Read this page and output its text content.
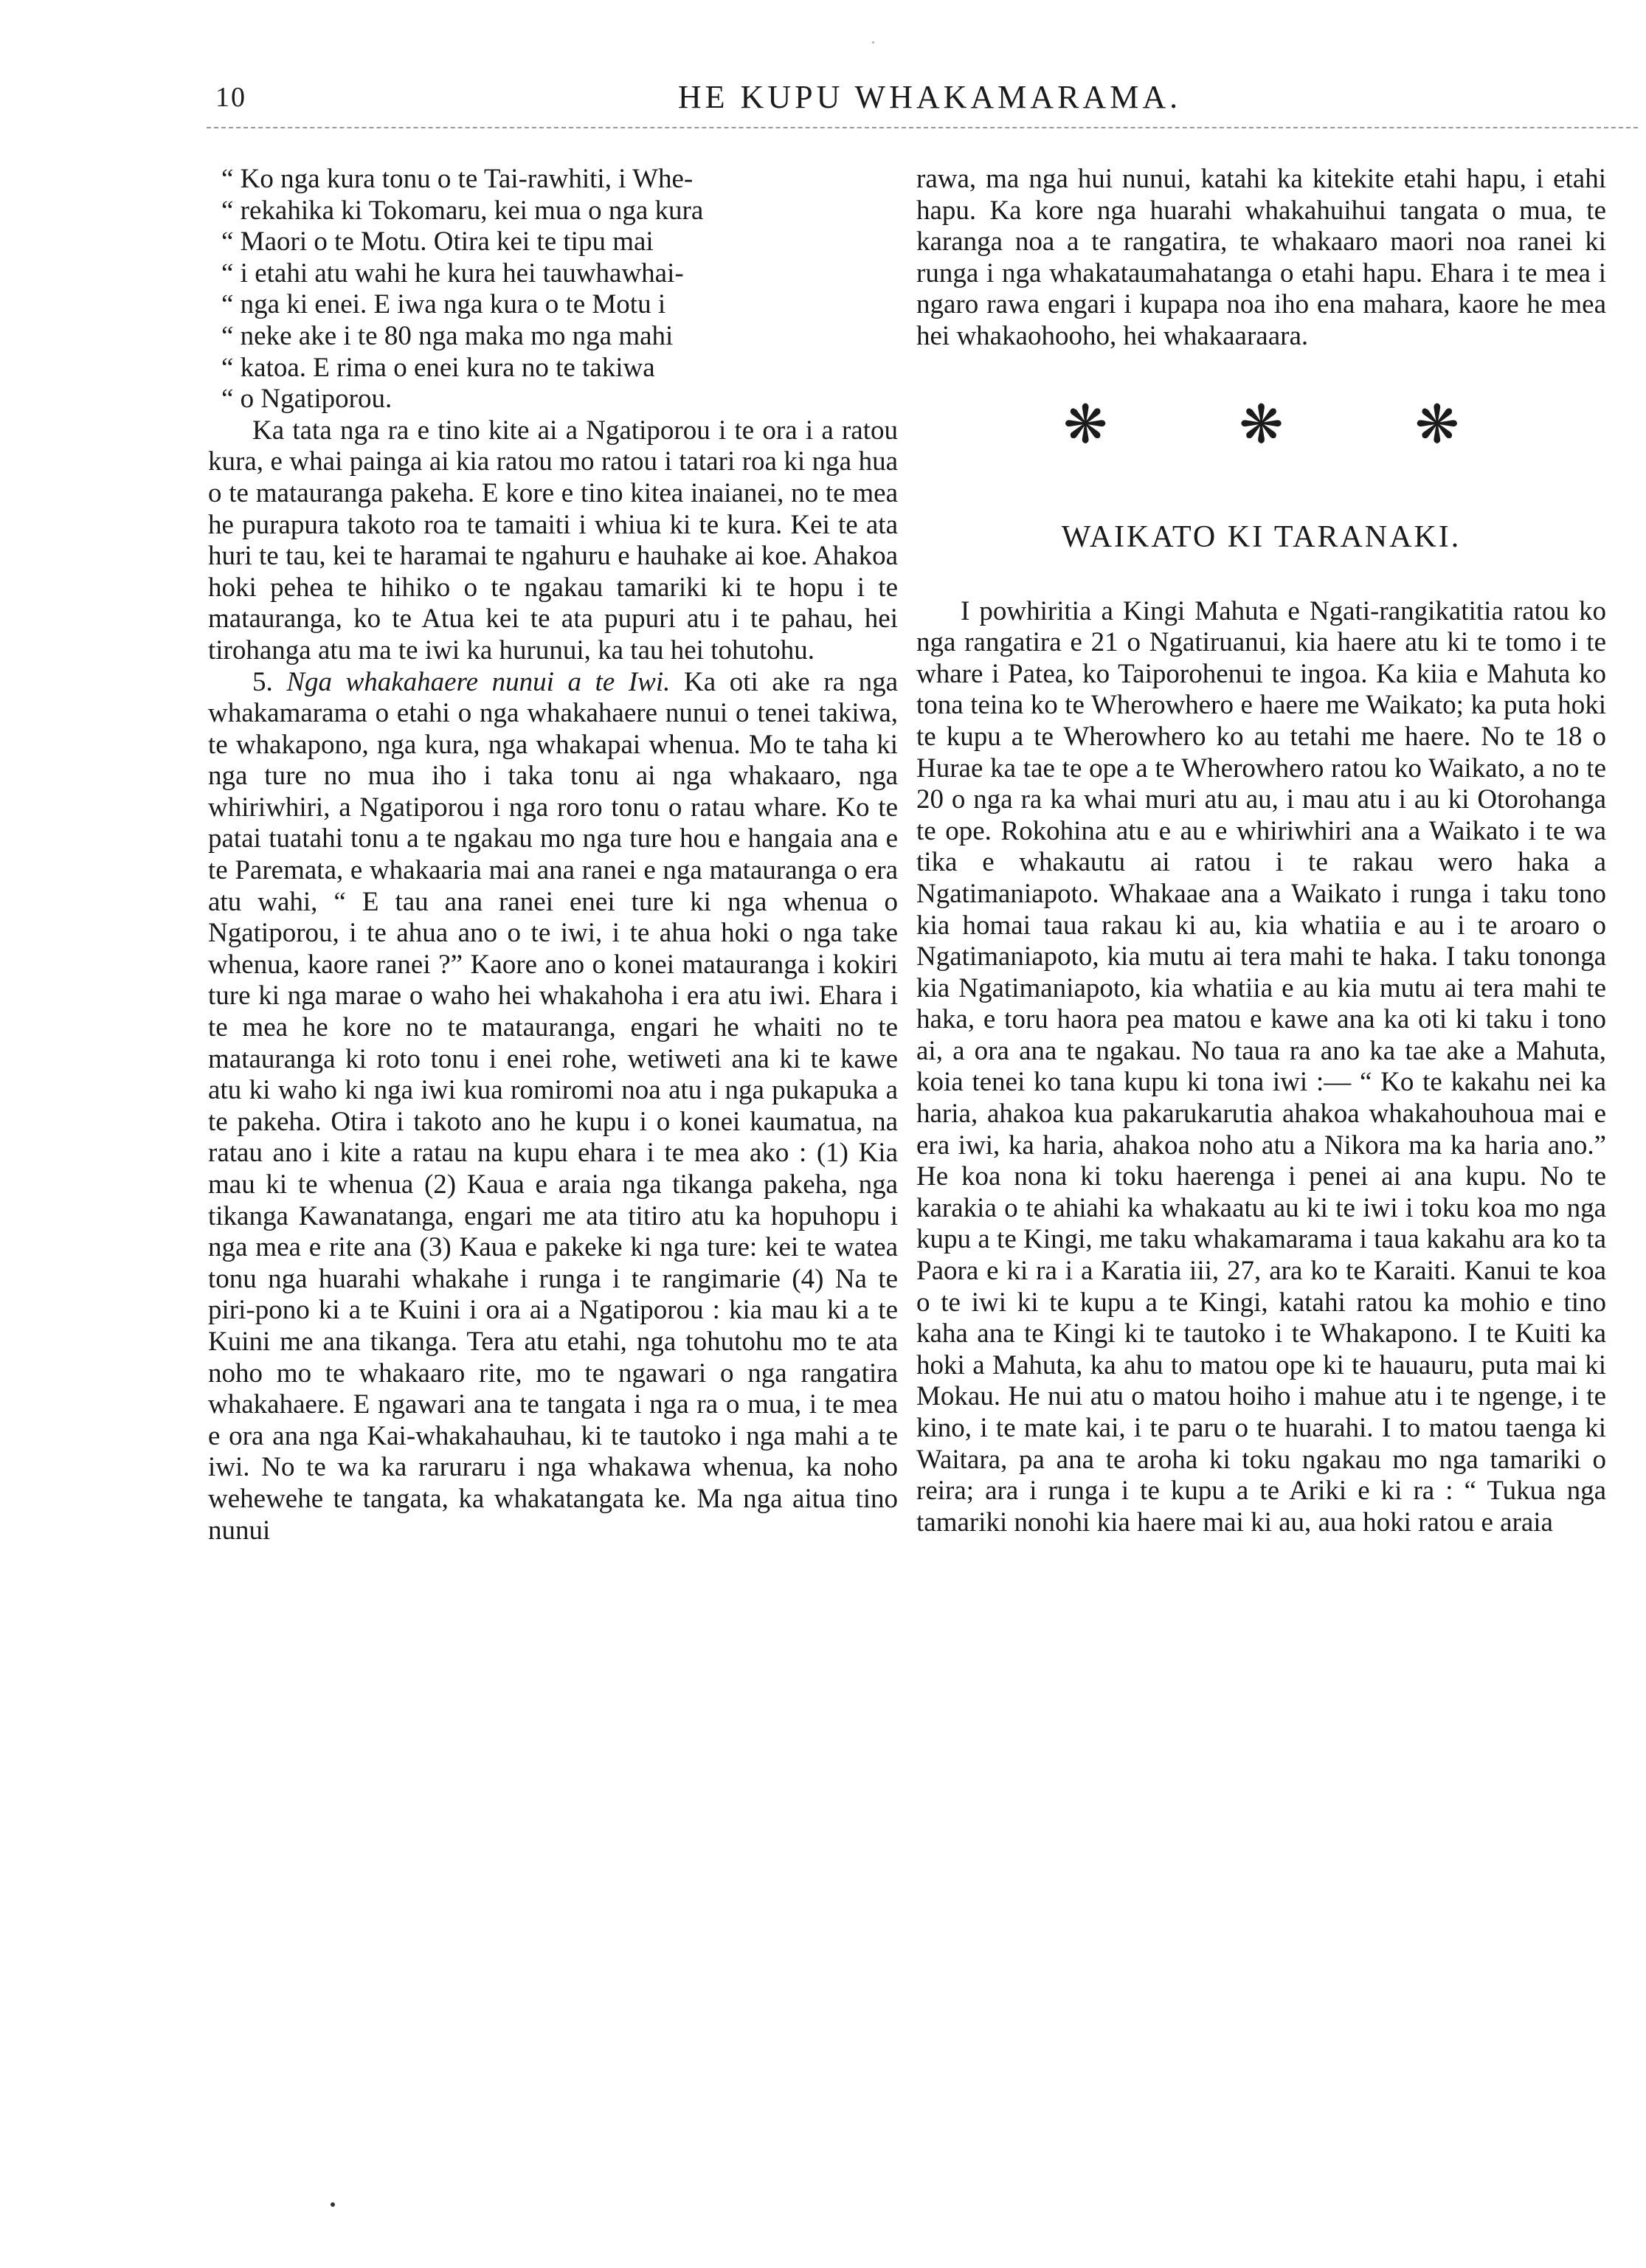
10	HE KUPU WHAKAMARAMA.

“ Ko nga kura tonu o te Tai-rawhiti, i Whe-

“ rekahika ki Tokomaru, kei mua o nga kura

“ Maori o te Motu. Otira kei te tipu mai

“ i etahi atu wahi he kura hei tauwhawhai-

“ nga ki enei. E iwa nga kura o te Motu i

“ neke ake i te 80 nga maka mo nga mahi

“ katoa. E rima o enei kura no te takiwa

“ o Ngatiporou.

Ka tata nga ra e tino kite ai a Ngatiporou i te ora i a ratou kura, e whai painga ai kia ratou mo ratou i tatari roa ki nga hua o te matauranga pakeha. E kore e tino kitea inaianei, no te mea he purapura takoto roa te tamaiti i whiua ki te kura. Kei te ata huri te tau, kei te haramai te ngahuru e hauhake ai koe. Ahakoa hoki pehea te hihiko o te ngakau tamariki ki te hopu i te matauranga, ko te Atua kei te ata pupuri atu i te pahau, hei tirohanga atu ma te iwi ka hurunui, ka tau hei tohutohu.

5. Nga whakahaere nunui a te Iwi. Ka oti ake ra nga whakamarama o etahi o nga whakahaere nunui o tenei takiwa, te whakapono, nga kura, nga whakapai whenua. Mo te taha ki nga ture no mua iho i taka tonu ai nga whakaaro, nga whiriwhiri, a Ngatiporou i nga roro tonu o ratau whare. Ko te patai tuatahi tonu a te ngakau mo nga ture hou e hangaia ana e te Paremata, e whakaaria mai ana ranei e nga matauranga o era atu wahi, “ E tau ana ranei enei ture ki nga whenua o Ngatiporou, i te ahua ano o te iwi, i te ahua hoki o nga take whenua, kaore ranei ?” Kaore ano o konei matauranga i kokiri ture ki nga marae o waho hei whakahoha i era atu iwi. Ehara i te mea he kore no te matauranga, engari he whaiti no te matauranga ki roto tonu i enei rohe, wetiweti ana ki te kawe atu ki waho ki nga iwi kua romiromi noa atu i nga pukapuka a te pakeha. Otira i takoto ano he kupu i o konei kaumatua, na ratau ano i kite a ratau na kupu ehara i te mea ako : (1) Kia mau ki te whenua (2) Kaua e araia nga tikanga pakeha, nga tikanga Kawanatanga, engari me ata titiro atu ka hopuhopu i nga mea e rite ana (3) Kaua e pakeke ki nga ture: kei te watea tonu nga huarahi whakahe i runga i te rangimarie (4) Na te piri-pono ki a te Kuini i ora ai a Ngatiporou : kia mau ki a te Kuini me ana tikanga. Tera atu etahi, nga tohutohu mo te ata noho mo te whakaaro rite, mo te ngawari o nga rangatira whakahaere. E ngawari ana te tangata i nga ra o mua, i te mea e ora ana nga Kai-whakahauhau, ki te tautoko i nga mahi a te iwi. No te wa ka raruraru i nga whakawa whenua, ka noho wehewehe te tangata, ka whakatangata ke. Ma nga aitua tino nunui

rawa, ma nga hui nunui, katahi ka kitekite etahi hapu, i etahi hapu. Ka kore nga huarahi whakahuihui tangata o mua, te karanga noa a te rangatira, te whakaaro maori noa ranei ki runga i nga whakataumahatanga o etahi hapu. Ehara i te mea i ngaro rawa engari i kupapa noa iho ena mahara, kaore he mea hei whakaohooho, hei whakaaraara.

❋ ❋ ❋
WAIKATO KI TARANAKI.

I powhiritia a Kingi Mahuta e Ngati-rangikatitia ratou ko nga rangatira e 21 o Ngatiruanui, kia haere atu ki te tomo i te whare i Patea, ko Taiporohenui te ingoa. Ka kiia e Mahuta ko tona teina ko te Wherowhero e haere me Waikato; ka puta hoki te kupu a te Wherowhero ko au tetahi me haere. No te 18 o Hurae ka tae te ope a te Wherowhero ratou ko Waikato, a no te 20 o nga ra ka whai muri atu au, i mau atu i au ki Otorohanga te ope. Rokohina atu e au e whiriwhiri ana a Waikato i te wa tika e whakautu ai ratou i te rakau wero haka a Ngatimaniapoto. Whakaae ana a Waikato i runga i taku tono kia homai taua rakau ki au, kia whatiia e au i te aroaro o Ngatimaniapoto, kia mutu ai tera mahi te haka. I taku tononga kia Ngatimaniapoto, kia whatiia e au kia mutu ai tera mahi te haka, e toru haora pea matou e kawe ana ka oti ki taku i tono ai, a ora ana te ngakau. No taua ra ano ka tae ake a Mahuta, koia tenei ko tana kupu ki tona iwi :— “ Ko te kakahu nei ka haria, ahakoa kua pakarukarutia ahakoa whakahouhoua mai e era iwi, ka haria, ahakoa noho atu a Nikora ma ka haria ano.” He koa nona ki toku haerenga i penei ai ana kupu. No te karakia o te ahiahi ka whakaatu au ki te iwi i toku koa mo nga kupu a te Kingi, me taku whakamarama i taua kakahu ara ko ta Paora e ki ra i a Karatia iii, 27, ara ko te Karaiti. Kanui te koa o te iwi ki te kupu a te Kingi, katahi ratou ka mohio e tino kaha ana te Kingi ki te tautoko i te Whakapono. I te Kuiti ka hoki a Mahuta, ka ahu to matou ope ki te hauauru, puta mai ki Mokau. He nui atu o matou hoiho i mahue atu i te ngenge, i te kino, i te mate kai, i te paru o te huarahi. I to matou taenga ki Waitara, pa ana te aroha ki toku ngakau mo nga tamariki o reira; ara i runga i te kupu a te Ariki e ki ra : “ Tukua nga tamariki nonohi kia haere mai ki au, aua hoki ratou e araia
